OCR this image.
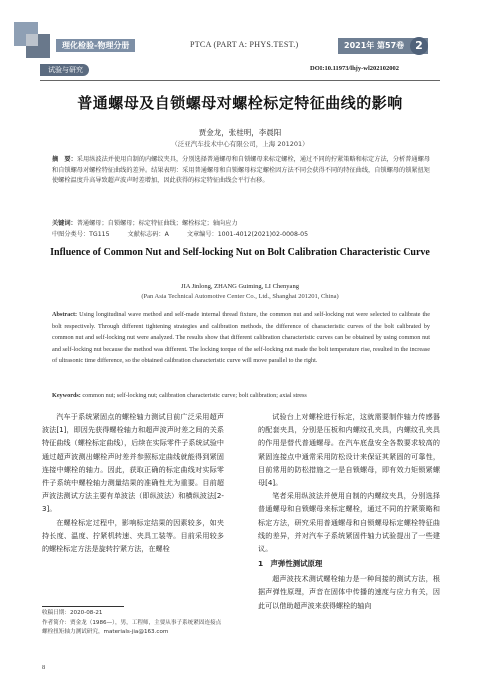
理化检验-物理分册	PTCA (PART A: PHYS.TEST.)	2021年 第57卷 2
试验与研究	DOI:10.11973/lhjy-wl202102002
普通螺母及自锁螺母对螺栓标定特征曲线的影响
贾金龙，张桂明，李晨阳
（泛亚汽车技术中心有限公司，上海 201201）
摘　要：采用纵波法并使用自制的内螺纹夹具，分别选择普通螺母和自锁螺母来标定螺栓，通过不同的拧紧策略和标定方法，分析普通螺母和自锁螺母对螺栓特征曲线的差异。结果表明：采用普通螺母和自锁螺母标定螺栓因方法不同会获得不同的特征曲线，自锁螺母的锁紧扭矩使螺栓温度升高导致超声波声时差增加，因此获得的标定特征曲线会平行右移。
关键词：普通螺母；自锁螺母；标定特征曲线；螺栓标定；轴向应力
中图分类号：TG115	文献标志码：A	文章编号：1001-4012(2021)02-0008-05
Influence of Common Nut and Self-locking Nut on Bolt Calibration Characteristic Curve
JIA Jinlong, ZHANG Guiming, LI Chenyang
(Pan Asia Technical Automotive Center Co., Ltd., Shanghai 201201, China)
Abstract: Using longitudinal wave method and self-made internal thread fixture, the common nut and self-locking nut were selected to calibrate the bolt respectively. Through different tightening strategies and calibration methods, the difference of characteristic curves of the bolt calibrated by common nut and self-locking nut were analyzed. The results show that different calibration characteristic curves can be obtained by using common nut and self-locking nut because the method was different. The locking torque of the self-locking nut made the bolt temperature rise, resulted in the increase of ultrasonic time difference, so the obtained calibration characteristic curve will move parallel to the right.
Keywords: common nut; self-locking nut; calibration characteristic curve; bolt calibration; axial stress

汽车于系统紧固点的螺栓轴力测试目前广泛采用超声波法[1]，即因先获得螺栓轴力和超声波声时差之间的关系特征曲线（螺栓标定曲线），后续在实际零件子系统试验中通过超声波测出螺栓声时差并参照标定曲线就能得到紧固连接中螺栓的轴力。因此，获取正确的标定曲线对实际零件子系统中螺栓轴力测量结果的准确性尤为重要。目前超声波法测试方法主要有单波法（即纵波法）和横纵波法[2-3]。

在螺栓标定过程中，影响标定结果的因素较多，如夹持长度、温度、拧紧机转速、夹具工装等。目前采用较多的螺栓标定方法是旋转拧紧方法，在螺栓

试验台上对螺栓进行标定，这就需要制作轴力传感器的配套夹具，分别是压板和内螺纹孔夹具，内螺纹孔夹具的作用是替代普通螺母。在汽车底盘安全各数要求较高的紧固连接点中通常采用防松设计来保证其紧固的可靠性，目前常用的防松措施之一是自锁螺母，即有效力矩锁紧螺母[4]。

笔者采用纵波法并使用自制的内螺纹夹具，分别选择普通螺母和自锁螺母来标定螺栓，通过不同的拧紧策略和标定方法，研究采用普通螺母和自锁螺母标定螺栓特征曲线的差异，并对汽车子系统紧固件轴力试验提出了一些建议。

1　声弹性测试原理

超声波技术测试螺栓轴力是一种间接的测试方法，根据声弹性原理，声音在固体中传播的速度与应力有关，因此可以借助超声波来获得螺栓的轴向

收稿日期：2020-08-21
作者简介：贾金龙（1986—），男，工程师，主要从事子系统紧固连接点螺栓扭矩轴力测试研究，materials-jia@163.com
8
